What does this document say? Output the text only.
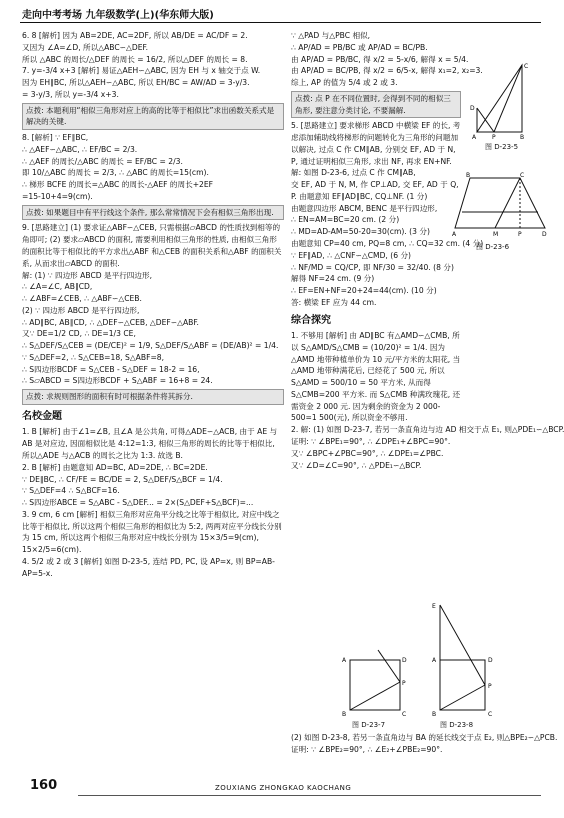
走向中考考场 九年级数学(上)(华东师大版)
6. 8 [解析] 因为 AB=2DE, AC=2DF, 所以 AB/DE = AC/DF = 2.
又因为 ∠A=∠D, 所以△ABC∽△DEF.
所以 △ABC 的周长/△DEF 的周长 = 16/2, 所以△DEF 的周长 = 8.
7. y=-3/4 x+3 [解析] 易证△AEH∽△ABC, 因为 EH 与 x 轴交于点 W.
因为 EH∥BC, 所以△AEH∽△ABC, 所以 EH/BC = AW/AD = 3-y/3.
= 3-y/3, 所以 y=-3/4 x+3.
点拨: 本题利用“相似三角形对应上的高的比等于相似比”求出函数关系式是解决的关键.
8. [解析] ∵ EF∥BC,
∴ △AEF∽△ABC, ∴ EF/BC = 2/3.
∴ △AEF 的周长/△ABC 的周长 = EF/BC = 2/3.
即 10/△ABC 的周长 = 2/3, ∴ △ABC 的周长=15(cm).
∴ 梯形 BCFE 的周长=△ABC 的周长-△AEF 的周长+2EF
=15-10+4=9(cm).
点拨: 如果题目中有平行线这个条件, 那么常常情况下会有相似三角形出现.
9. [思路建立] (1) 要求证△ABF∽△CEB, 只需根据▱ABCD 的性质找到相等的角即可; (2) 要求▱ABCD 的面积, 需要利用相似三角形的性质, 由相似三角形的面积比等于相似比的平方求出△ABF 和△CEB 的面积关系和△ABF 的面积关系, 从而求出▱ABCD 的面积.
解: (1) ∵ 四边形 ABCD 是平行四边形,
∴ ∠A=∠C, AB∥CD,
∴ ∠ABF=∠CEB, ∴ △ABF∽△CEB.
(2) ∵ 四边形 ABCD 是平行四边形,
∴ AD∥BC, AB∥CD, ∴ △DEF∽△CEB, △DEF∽△ABF.
又∵ DE=1/2 CD, ∴ DE=1/3 CE,
∴ S△DEF/S△CEB = (DE/CE)² = 1/9, S△DEF/S△ABF = (DE/AB)² = 1/4.
∵ S△DEF=2, ∴ S△CEB=18, S△ABF=8,
∴ S四边形BCDF = S△CEB - S△DEF = 18-2 = 16,
∴ S▱ABCD = S四边形BCDF + S△ABF = 16+8 = 24.
点拨: 求规则图形的面积有时可根据条件将其拆分.
名校金题
1. B [解析] 由于∠1=∠B, 且∠A 是公共角, 可得△ADE∽△ACB, 由于 AE 与 AB 是对应边, 因面相似比是 4:12=1:3, 相似三角形的周长的比等于相似比, 所以△ADE 与△ACB 的周长之比为 1:3. 故选 B.
2. B [解析] 由题意知 AD=BC, AD=2DE, ∴ BC=2DE.
∵ DE∥BC, ∴ CF/FE = BC/DE = 2, S△DEF/S△BCF = 1/4.
∵ S△DEF=4 ∴ S△BCF=16.
∴ S四边形ABCE = S△ABC - S△DEF... = 2×(S△DEF+S△BCF)=...
3. 9 cm, 6 cm [解析] 相似三角形对应角平分线之比等于相似比, 对应中线之比等于相似比, 所以这两个相似三角形的相似比为 5:2, 两两对应平分线长分别为 15 cm, 所以这两个相似三角形对应中线长分别为 15×3/5=9(cm), 15×2/5=6(cm).
4. 5/2 或 2 或 3 [解析] 如图 D-23-5, 连结 PD, PC, 设 AP=x, 则 BP=AB-AP=5-x.
∵ △PAD 与△PBC 相似,
∴ AP/AD = PB/BC 或 AP/AD = BC/PB.
由 AP/AD = PB/BC, 得 x/2 = 5-x/6, 解得 x = 5/4.
由 AP/AD = BC/PB, 得 x/2 = 6/5-x, 解得 x₁=2, x₂=3.
综上, AP 的值为 5/4 或 2 或 3.
点拨: 点 P 在不同位置时, 会得到不同的相似三角形, 要注意分类讨论, 不要漏解.
5. [思路建立] 要求梯形 ABCD 中横梁 EF 的长, 考虑添加辅助线将梯形的问题转化为三角形的问题加以解决, 过点 C 作 CM∥AB, 分别交 EF, AD 于 N, P, 通过证明相似三角形, 求出 NF, 再求 EN+NF.
解: 如图 D-23-6, 过点 C 作 CM∥AB,
交 EF, AD 于 N, M, 作 CP⊥AD, 交 EF, AD 于 Q, P. 由题意知 EF∥AD∥BC, CQ⊥NF. (1 分)
由题意四边形 ABCM, BENC 是平行四边形,
∴ EN=AM=BC=20 cm. (2 分)
∴ MD=AD-AM=50-20=30(cm). (3 分)
由题意知 CP=40 cm, PQ=8 cm, ∴ CQ=32 cm. (4 分)
∵ EF∥AD, ∴ △CNF∽△CMD, (6 分)
∴ NF/MD = CQ/CP, 即 NF/30 = 32/40. (8 分)
解得 NF=24 cm. (9 分)
∴ EF=EN+NF=20+24=44(cm). (10 分)
答: 横梁 EF 应为 44 cm.
综合探究
1. 不够用 [解析] 由 AD∥BC 有△AMD∽△CMB, 所以 S△AMD/S△CMB = (10/20)² = 1/4. 因为△AMD 地带种植单价为 10 元/平方米的太阳花, 当△AMD 地带种满花后, 已经花了 500 元, 所以 S△AMD = 500/10 = 50 平方米, 从而得 S△CMB=200 平方米. 而 S△CMB 种满玫瑰花, 还需资金 2 000 元. 因为剩余的资金为 2 000-500=1 500(元), 所以资金不够用.
2. 解: (1) 如图 D-23-7, 若另一条直角边与边 AD 相交于点 E₁, 则△PDE₁∽△BCP.
证明: ∵ ∠BPE₁=90°, ∴ ∠DPE₁+∠BPC=90°.
又∵ ∠BPC+∠PBC=90°, ∴ ∠DPE₁=∠PBC.
又∵ ∠D=∠C=90°, ∴ △PDE₁∽△BCP.
D
C
A	P	B
图 D-23-5
B	C
A	M	P	D
图 D-23-6
A	D
P
B	C
图 D-23-7
E
A	D
P
B	C
图 D-23-8
(2) 如图 D-23-8, 若另一条直角边与 BA 的延长线交于点 E₂, 则△BPE₂∽△PCB.
证明: ∵ ∠BPE₂=90°, ∴ ∠E₂+∠PBE₂=90°.
160	ZOUXIANG ZHONGKAO KAOCHANG
